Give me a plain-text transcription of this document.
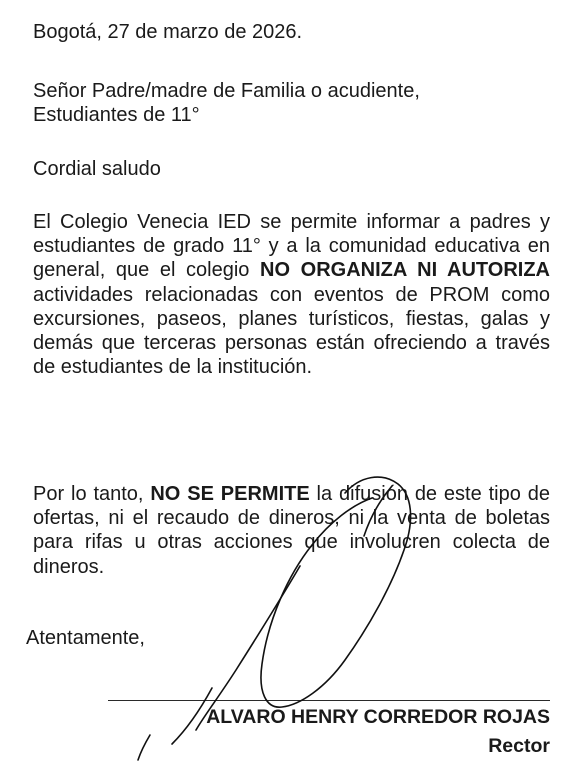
Bogotá, 27 de marzo de 2026.
Señor Padre/madre de Familia o acudiente,
Estudiantes de 11°
Cordial saludo
El Colegio Venecia IED se permite informar a padres y estudiantes de grado 11° y a la comunidad educativa en general, que el colegio NO ORGANIZA NI AUTORIZA actividades relacionadas con eventos de PROM como excursiones, paseos, planes turísticos, fiestas, galas y demás que terceras personas están ofreciendo a través de estudiantes de la institución.
Por lo tanto, NO SE PERMITE la difusión de este tipo de ofertas, ni el recaudo de dineros, ni la venta de boletas para rifas u otras acciones que involucren colecta de dineros.
Atentamente,
ALVARO HENRY CORREDOR ROJAS
Rector
